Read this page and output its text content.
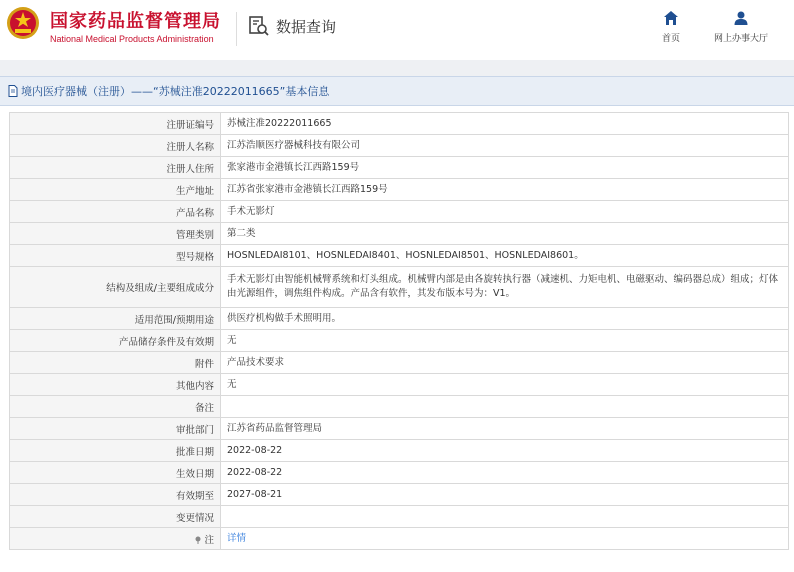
国家药品监督管理局
National Medical Products Administration
数据查询
首页	网上办事大厅
境内医疗器械（注册）——“苏械注准20222011665”基本信息
注册证编号	苏械注准20222011665
注册人名称	江苏浩顺医疗器械科技有限公司
注册人住所	张家港市金港镇长江西路159号
生产地址	江苏省张家港市金港镇长江西路159号
产品名称	手术无影灯
管理类别	第二类
型号规格	HOSNLEDAI8101、HOSNLEDAI8401、HOSNLEDAI8501、HOSNLEDAI8601。
结构及组成/主要组成成分	手术无影灯由智能机械臂系统和灯头组成。机械臂内部是由各旋转执行器（减速机、力矩电机、电磁驱动、编码器总成）组成；灯体由光源组件，调焦组件构成。产品含有软件，其发布版本号为：V1。
适用范围/预期用途	供医疗机构做手术照明用。
产品储存条件及有效期	无
附件	产品技术要求
其他内容	无
备注	
审批部门	江苏省药品监督管理局
批准日期	2022-08-22
生效日期	2022-08-22
有效期至	2027-08-21
变更情况	
注	详情
